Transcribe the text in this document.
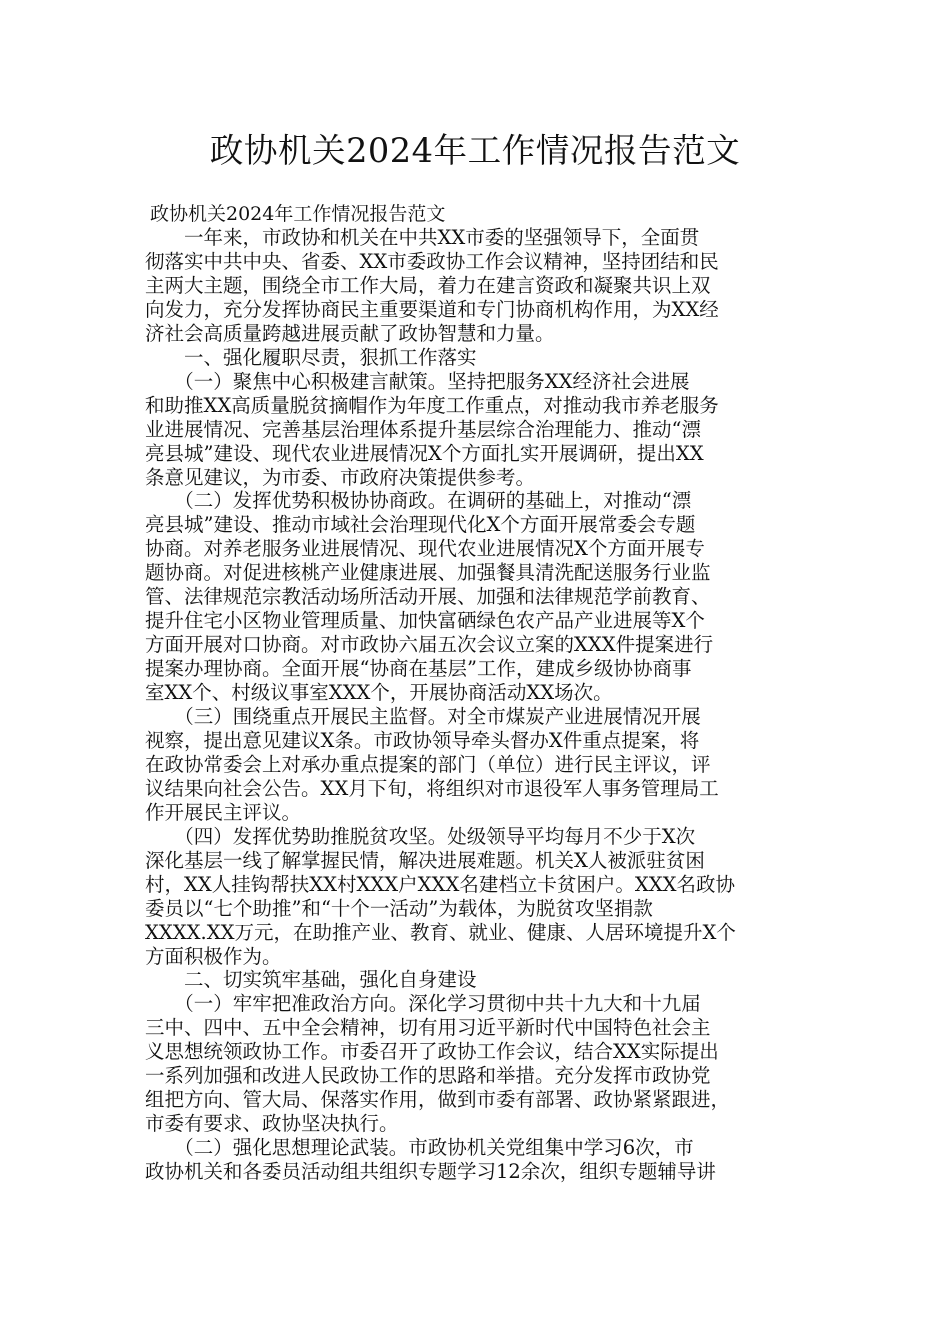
政协机关2024年工作情况报告范文

政协机关2024年工作情况报告范文

　　一年来，市政协和机关在中共XX市委的坚强领导下，全面贯

彻落实中共中央、省委、XX市委政协工作会议精神，坚持团结和民

主两大主题，围绕全市工作大局，着力在建言资政和凝聚共识上双

向发力，充分发挥协商民主重要渠道和专门协商机构作用，为XX经

济社会高质量跨越进展贡献了政协智慧和力量。

　　一、强化履职尽责，狠抓工作落实

　　（一）聚焦中心积极建言献策。坚持把服务XX经济社会进展

和助推XX高质量脱贫摘帽作为年度工作重点，对推动我市养老服务

业进展情况、完善基层治理体系提升基层综合治理能力、推动“漂

亮县城”建设、现代农业进展情况X个方面扎实开展调研，提出XX

条意见建议，为市委、市政府决策提供参考。

　　（二）发挥优势积极协协商政。在调研的基础上，对推动“漂

亮县城”建设、推动市域社会治理现代化X个方面开展常委会专题

协商。对养老服务业进展情况、现代农业进展情况X个方面开展专

题协商。对促进核桃产业健康进展、加强餐具清洗配送服务行业监

管、法律规范宗教活动场所活动开展、加强和法律规范学前教育、

提升住宅小区物业管理质量、加快富硒绿色农产品产业进展等X个

方面开展对口协商。对市政协六届五次会议立案的XXX件提案进行

提案办理协商。全面开展“协商在基层”工作，建成乡级协协商事

室XX个、村级议事室XXX个，开展协商活动XX场次。

　　（三）围绕重点开展民主监督。对全市煤炭产业进展情况开展

视察，提出意见建议X条。市政协领导牵头督办X件重点提案，将

在政协常委会上对承办重点提案的部门（单位）进行民主评议，评

议结果向社会公告。XX月下旬，将组织对市退役军人事务管理局工

作开展民主评议。

　　（四）发挥优势助推脱贫攻坚。处级领导平均每月不少于X次

深化基层一线了解掌握民情，解决进展难题。机关X人被派驻贫困

村，XX人挂钩帮扶XX村XXX户XXX名建档立卡贫困户。XXX名政协

委员以“七个助推”和“十个一活动”为载体，为脱贫攻坚捐款

XXXX.XX万元，在助推产业、教育、就业、健康、人居环境提升X个

方面积极作为。

　　二、切实筑牢基础，强化自身建设

　　（一）牢牢把准政治方向。深化学习贯彻中共十九大和十九届

三中、四中、五中全会精神，切有用习近平新时代中国特色社会主

义思想统领政协工作。市委召开了政协工作会议，结合XX实际提出

一系列加强和改进人民政协工作的思路和举措。充分发挥市政协党

组把方向、管大局、保落实作用，做到市委有部署、政协紧紧跟进，

市委有要求、政协坚决执行。

　　（二）强化思想理论武装。市政协机关党组集中学习6次，市

政协机关和各委员活动组共组织专题学习12余次，组织专题辅导讲
